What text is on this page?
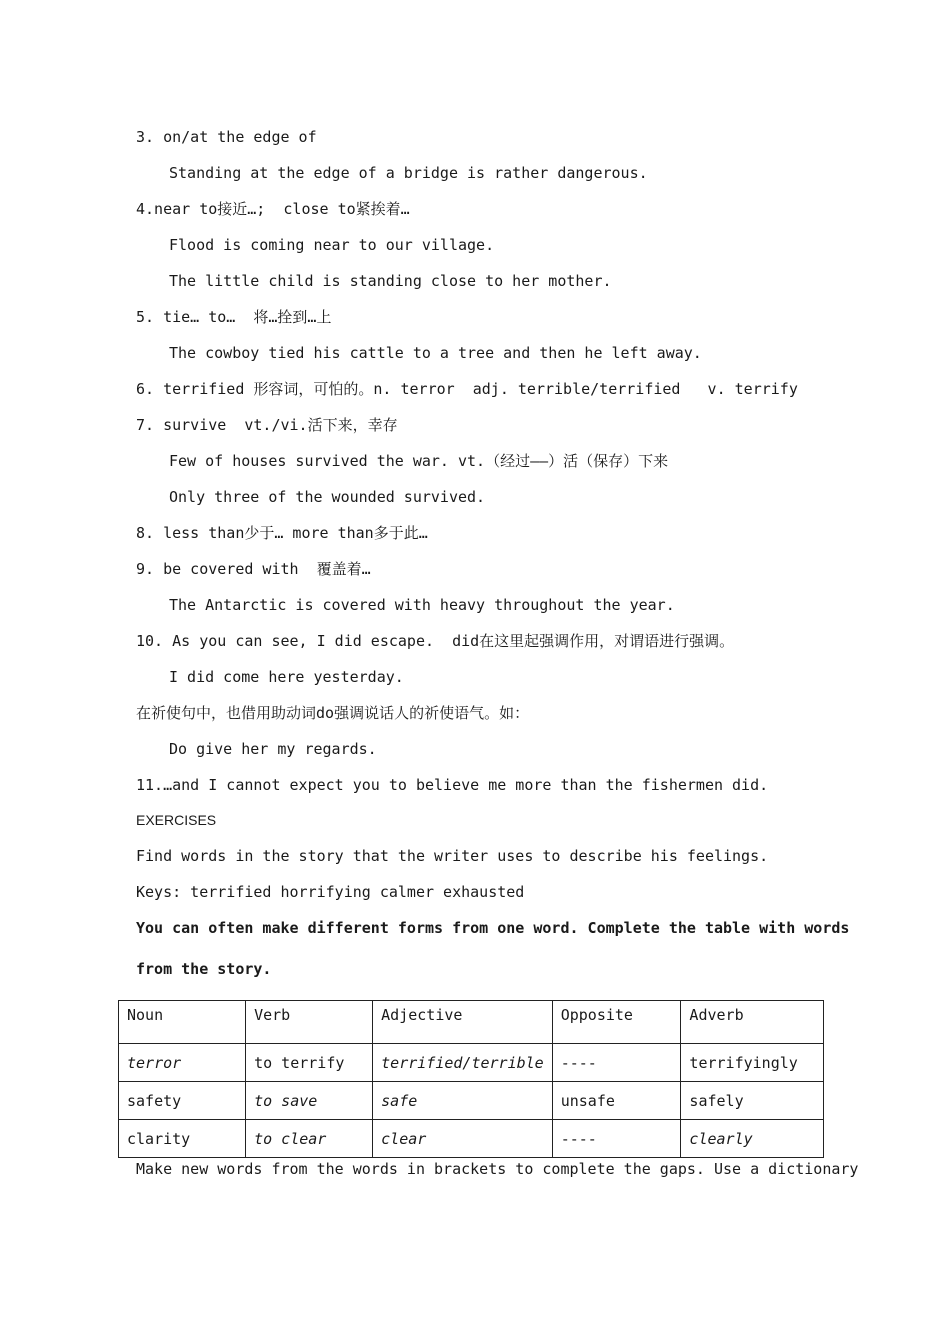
3. on/at the edge of
Standing at the edge of a bridge is rather dangerous.
4.near to接近…;  close to紧挨着…
Flood is coming near to our village.
The little child is standing close to her mother.
5. tie… to…  将…拴到…上
The cowboy tied his cattle to a tree and then he left away.
6. terrified 形容词，可怕的。n. terror  adj. terrible/terrified   v. terrify
7. survive  vt./vi.活下来，幸存
Few of houses survived the war. vt.（经过——）活（保存）下来
Only three of the wounded survived.
8. less than少于… more than多于此…
9. be covered with  覆盖着…
The Antarctic is covered with heavy throughout the year.
10. As you can see, I did escape.  did在这里起强调作用，对谓语进行强调。
I did come here yesterday.
在祈使句中，也借用助动词do强调说话人的祈使语气。如：
Do give her my regards.
11.…and I cannot expect you to believe me more than the fishermen did.
EXERCISES
Find words in the story that the writer uses to describe his feelings.
Keys: terrified horrifying calmer exhausted
You can often make different forms from one word. Complete the table with words
from the story.
Noun	Verb	Adjective	Opposite	Adverb
terror	to terrify	terrified/terrible	----	terrifyingly
safety	to save	safe	unsafe	safely
clarity	to clear	clear	----	clearly
Make new words from the words in brackets to complete the gaps. Use a dictionary
